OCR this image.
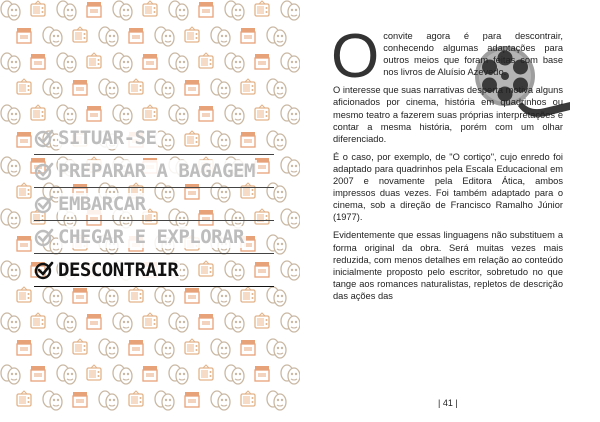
SITUAR-SE
PREPARAR A BAGAGEM
EMBARCAR
CHEGAR E EXPLORAR
DESCONTRAIR

Oconvite agora é para descontrair, conhecendo algumas adaptações para outros meios que foram feitas com base nos livros de Aluísio Azevedo.

O interesse que suas narrativas desperta motiva alguns aficionados por cinema, história em quadrinhos ou mesmo teatro a fazerem suas próprias interpretações e contar a mesma história, porém com um olhar diferenciado.

É o caso, por exemplo, de "O cortiço", cujo enredo foi adaptado para quadrinhos pela Escala Educacional em 2007 e novamente pela Editora Ática, ambos impressos duas vezes. Foi também adaptado para o cinema, sob a direção de Francisco Ramalho Júnior (1977).

Evidentemente que essas linguagens não substituem a forma original da obra. Será muitas vezes mais reduzida, com menos detalhes em relação ao conteúdo inicialmente proposto pelo escritor, sobretudo no que tange aos romances naturalistas, repletos de descrição das ações das

| 41 |
